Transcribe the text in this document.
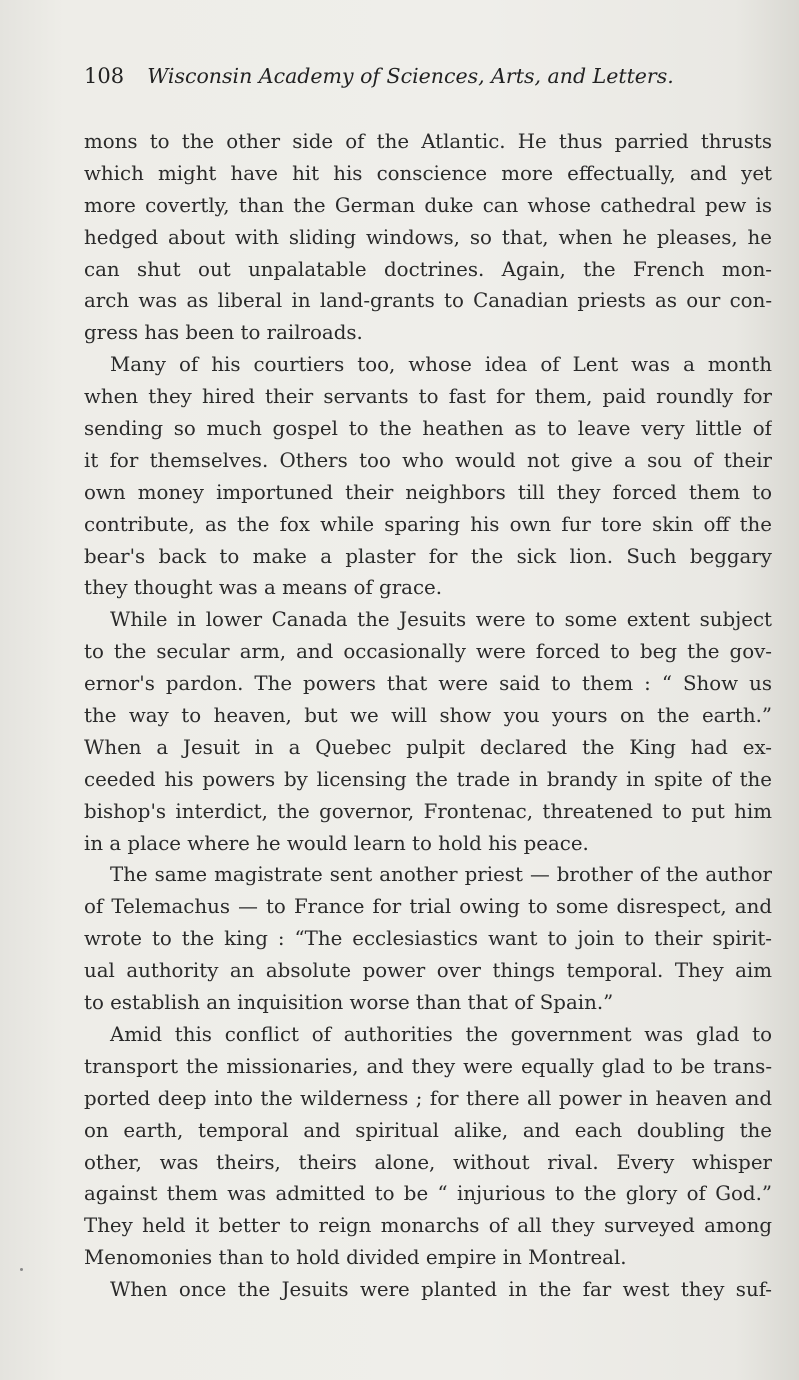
108 Wisconsin Academy of Sciences, Arts, and Letters.
mons to the other side of the Atlantic. He thus parried thrusts
which might have hit his conscience more effectually, and yet
more covertly, than the German duke can whose cathedral pew is
hedged about with sliding windows, so that, when he pleases, he
can shut out unpalatable doctrines. Again, the French mon-
arch was as liberal in land-grants to Canadian priests as our con-
gress has been to railroads.
Many of his courtiers too, whose idea of Lent was a month
when they hired their servants to fast for them, paid roundly for
sending so much gospel to the heathen as to leave very little of
it for themselves. Others too who would not give a sou of their
own money importuned their neighbors till they forced them to
contribute, as the fox while sparing his own fur tore skin off the
bear's back to make a plaster for the sick lion. Such beggary
they thought was a means of grace.
While in lower Canada the Jesuits were to some extent subject
to the secular arm, and occasionally were forced to beg the gov-
ernor's pardon. The powers that were said to them : “ Show us
the way to heaven, but we will show you yours on the earth.”
When a Jesuit in a Quebec pulpit declared the King had ex-
ceeded his powers by licensing the trade in brandy in spite of the
bishop's interdict, the governor, Frontenac, threatened to put him
in a place where he would learn to hold his peace.
The same magistrate sent another priest — brother of the author
of Telemachus — to France for trial owing to some disrespect, and
wrote to the king : “The ecclesiastics want to join to their spirit-
ual authority an absolute power over things temporal. They aim
to establish an inquisition worse than that of Spain.”
Amid this conflict of authorities the government was glad to
transport the missionaries, and they were equally glad to be trans-
ported deep into the wilderness ; for there all power in heaven and
on earth, temporal and spiritual alike, and each doubling the
other, was theirs, theirs alone, without rival. Every whisper
against them was admitted to be “ injurious to the glory of God.”
They held it better to reign monarchs of all they surveyed among
Menomonies than to hold divided empire in Montreal.
When once the Jesuits were planted in the far west they suf-
